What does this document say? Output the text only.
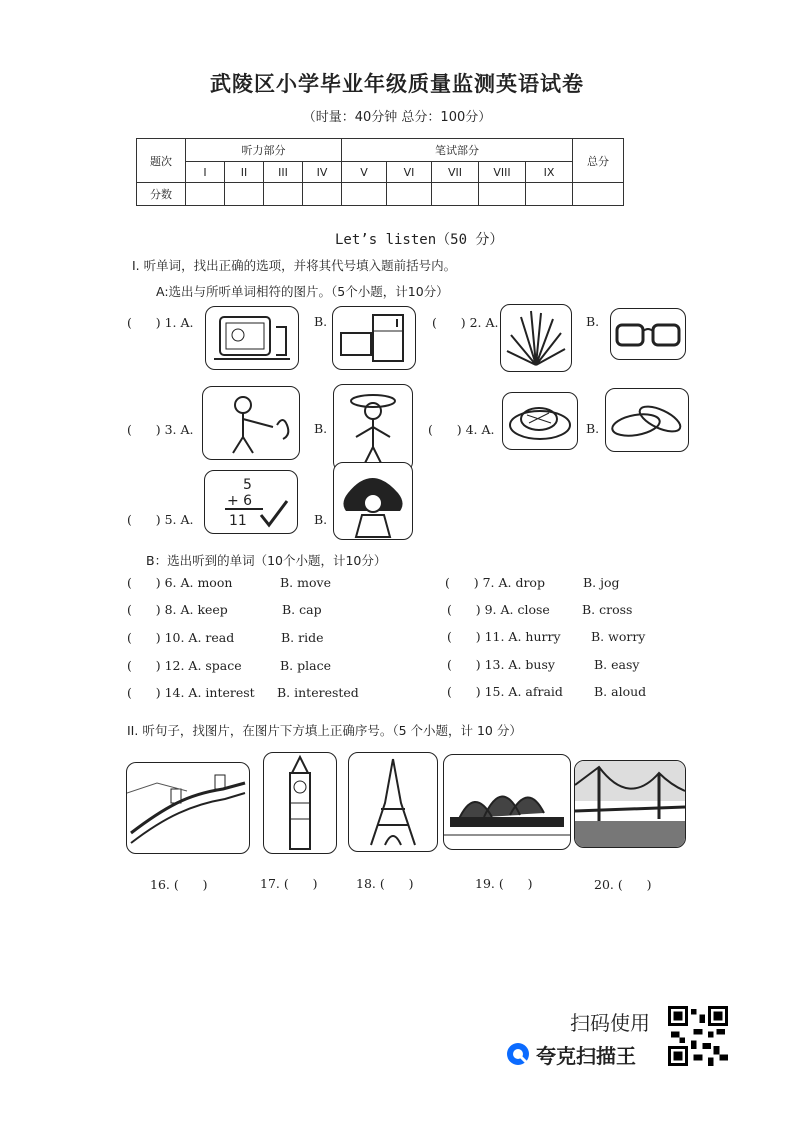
武陵区小学毕业年级质量监测英语试卷
（时量：40分钟 总分：100分）
题次	听力部分				笔试部分					总分
	I	II	III	IV	V	VI	VII	VIII	IX	
分数										
Let’s listen（50 分）
I. 听单词，找出正确的选项，并将其代号填入题前括号内。
A:选出与所听单词相符的图片。（5个小题，计10分）
(      ) 1. A.	B.	(      ) 2. A.	B.
(      ) 3. A.	B.	(      ) 4. A.	B.
(      ) 5. A.
5
+ 6
11	B.
B：选出听到的单词（10个小题，计10分）
(      ) 6. A. moon	B. move	(      ) 7. A. drop	B. jog
(      ) 8. A. keep	B. cap	(      ) 9. A. close	B. cross
(      ) 10. A. read	B. ride	(      ) 11. A. hurry B. worry
(      ) 12. A. space	B. place	(      ) 13. A. busy	B. easy
(      ) 14. A. interest B. interested	(      ) 15. A. afraid B. aloud
II. 听句子，找图片，在图片下方填上正确序号。（5 个小题，计 10 分）
16. (      )	17. (      )	18. (      )	19. (      )	20. (      )
扫码使用
夸克扫描王
